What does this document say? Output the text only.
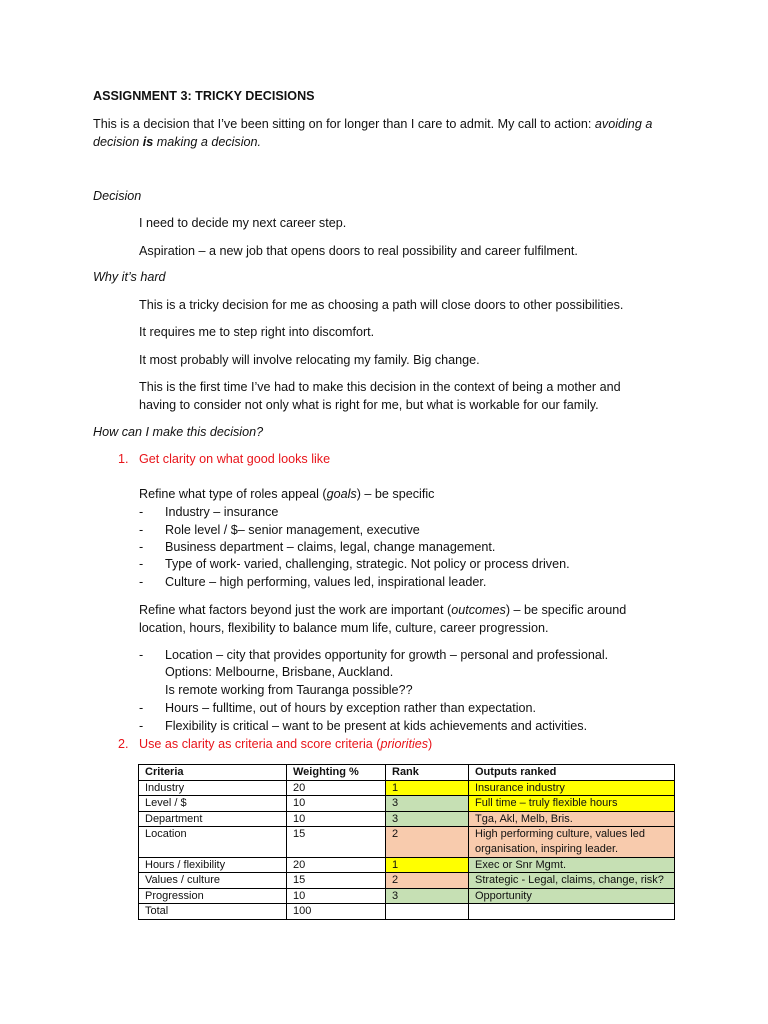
ASSIGNMENT 3: TRICKY DECISIONS
This is a decision that I’ve been sitting on for longer than I care to admit. My call to action: avoiding a
decision is making a decision.
Decision
I need to decide my next career step.
Aspiration – a new job that opens doors to real possibility and career fulfilment.
Why it’s hard
This is a tricky decision for me as choosing a path will close doors to other possibilities.
It requires me to step right into discomfort.
It most probably will involve relocating my family. Big change.
This is the first time I’ve had to make this decision in the context of being a mother and
having to consider not only what is right for me, but what is workable for our family.
How can I make this decision?
1. Get clarity on what good looks like
Refine what type of roles appeal (goals) – be specific
- Industry – insurance
- Role level / $– senior management, executive
- Business department – claims, legal, change management.
- Type of work- varied, challenging, strategic. Not policy or process driven.
- Culture – high performing, values led, inspirational leader.
Refine what factors beyond just the work are important (outcomes) – be specific around
location, hours, flexibility to balance mum life, culture, career progression.
- Location – city that provides opportunity for growth – personal and professional.
Options: Melbourne, Brisbane, Auckland.
Is remote working from Tauranga possible??
- Hours – fulltime, out of hours by exception rather than expectation.
- Flexibility is critical – want to be present at kids achievements and activities.
2. Use as clarity as criteria and score criteria (priorities)
Criteria	Weighting %	Rank	Outputs ranked
Industry	20	1	Insurance industry
Level / $	10	3	Full time – truly flexible hours
Department	10	3	Tga, Akl, Melb, Bris.
Location	15	2	High performing culture, values led organisation, inspiring leader.
Hours / flexibility	20	1	Exec or Snr Mgmt.
Values / culture	15	2	Strategic - Legal, claims, change, risk?
Progression	10	3	Opportunity
Total	100		
